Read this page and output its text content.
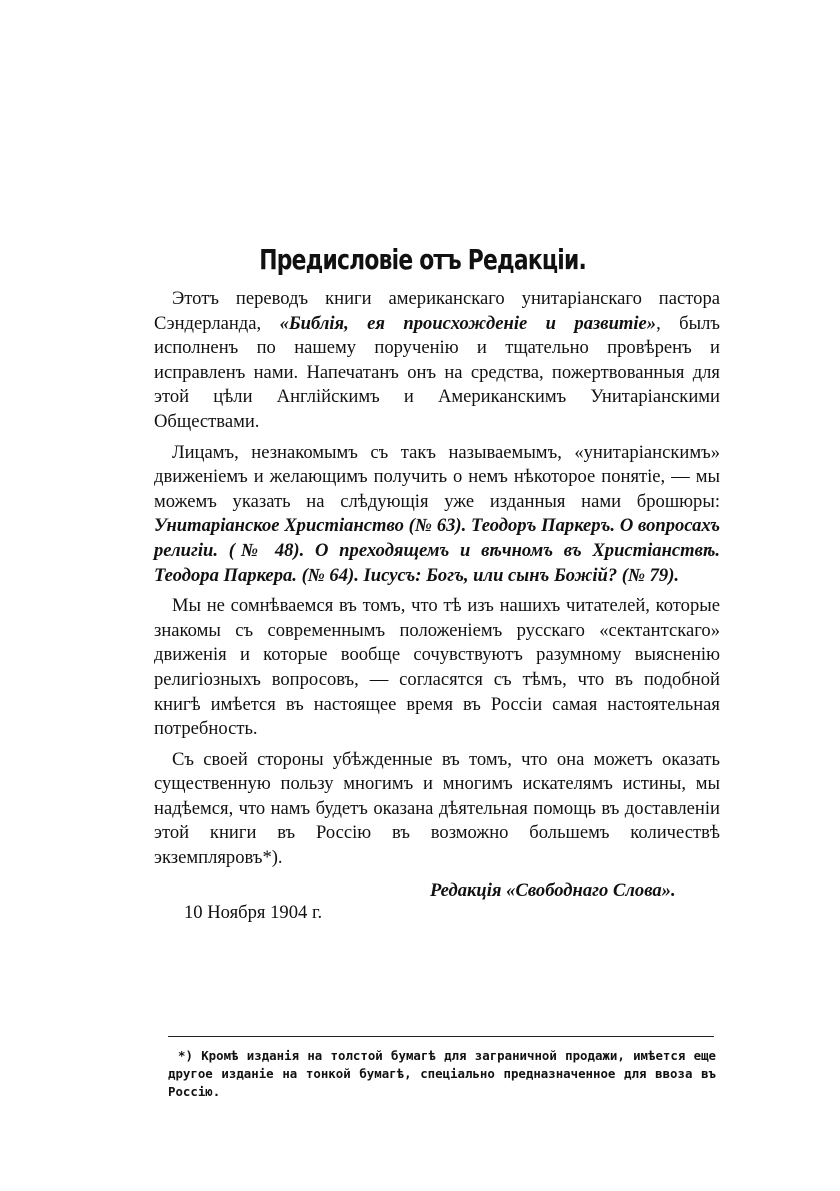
Предисловіе отъ Редакціи.

Этотъ переводъ книги американскаго унитаріанскаго пастора Сэндерланда, «Библія, ея происхожденіе и развитіе», былъ исполненъ по нашему порученію и тщательно провѣренъ и исправленъ нами. Напечатанъ онъ на средства, пожертвованныя для этой цѣли Англійскимъ и Американскимъ Унитаріанскими Обществами.

Лицамъ, незнакомымъ съ такъ называемымъ, «унитаріанскимъ» движеніемъ и желающимъ получить о немъ нѣкоторое понятіе, — мы можемъ указать на слѣдующія уже изданныя нами брошюры: Унитаріанское Христіанство (№ 63). Теодоръ Паркеръ. О вопросахъ религіи. (№ 48). О преходящемъ и вѣчномъ въ Христіанствѣ. Теодора Паркера. (№ 64). Іисусъ: Богъ, или сынъ Божій? (№ 79).

Мы не сомнѣваемся въ томъ, что тѣ изъ нашихъ читателей, которые знакомы съ современнымъ положеніемъ русскаго «сектантскаго» движенія и которые вообще сочувствуютъ разумному выясненію религіозныхъ вопросовъ, — согласятся съ тѣмъ, что въ подобной книгѣ имѣется въ настоящее время въ Россіи самая настоятельная потребность.

Съ своей стороны убѣжденные въ томъ, что она можетъ оказать существенную пользу многимъ и многимъ искателямъ истины, мы надѣемся, что намъ будетъ оказана дѣятельная помощь въ доставленіи этой книги въ Россію въ возможно большемъ количествѣ экземпляровъ*).

Редакція «Свободнаго Слова».
10 Ноября 1904 г.
*) Кромѣ изданія на толстой бумагѣ для заграничной продажи, имѣется еще другое изданіе на тонкой бумагѣ, спеціально предназначенное для ввоза въ Россію.
